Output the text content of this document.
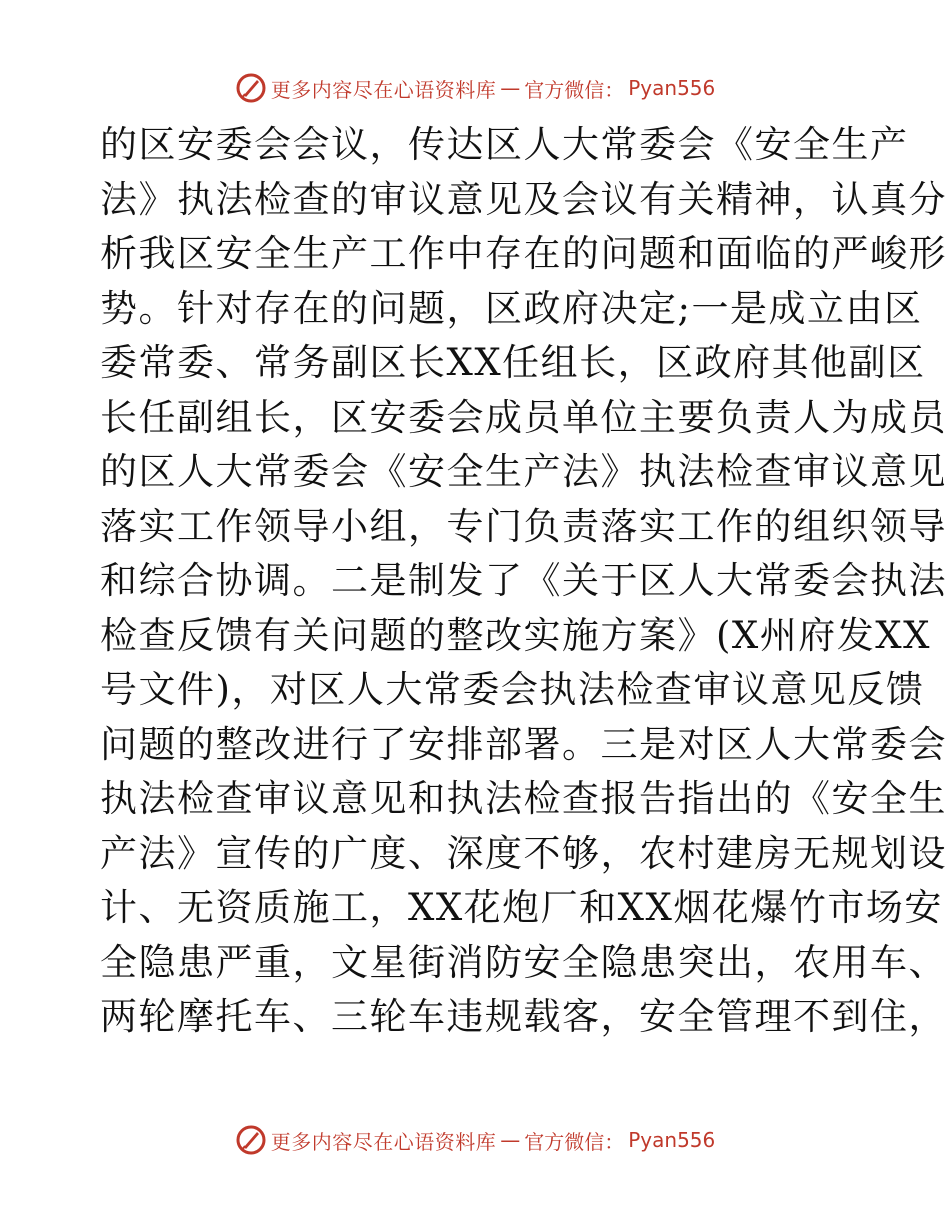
更多内容尽在心语资料库 — 官方微信： Pyan556
的区安委会会议，传达区人大常委会《安全生产
法》执法检查的审议意见及会议有关精神，认真分
析我区安全生产工作中存在的问题和面临的严峻形
势。针对存在的问题，区政府决定;一是成立由区
委常委、常务副区长XX任组长，区政府其他副区
长任副组长，区安委会成员单位主要负责人为成员
的区人大常委会《安全生产法》执法检查审议意见
落实工作领导小组，专门负责落实工作的组织领导
和综合协调。二是制发了《关于区人大常委会执法
检查反馈有关问题的整改实施方案》(X州府发XX
号文件)，对区人大常委会执法检查审议意见反馈
问题的整改进行了安排部署。三是对区人大常委会
执法检查审议意见和执法检查报告指出的《安全生
产法》宣传的广度、深度不够，农村建房无规划设
计、无资质施工，XX花炮厂和XX烟花爆竹市场安
全隐患严重，文星街消防安全隐患突出，农用车、
两轮摩托车、三轮车违规载客，安全管理不到住，
更多内容尽在心语资料库 — 官方微信： Pyan556
